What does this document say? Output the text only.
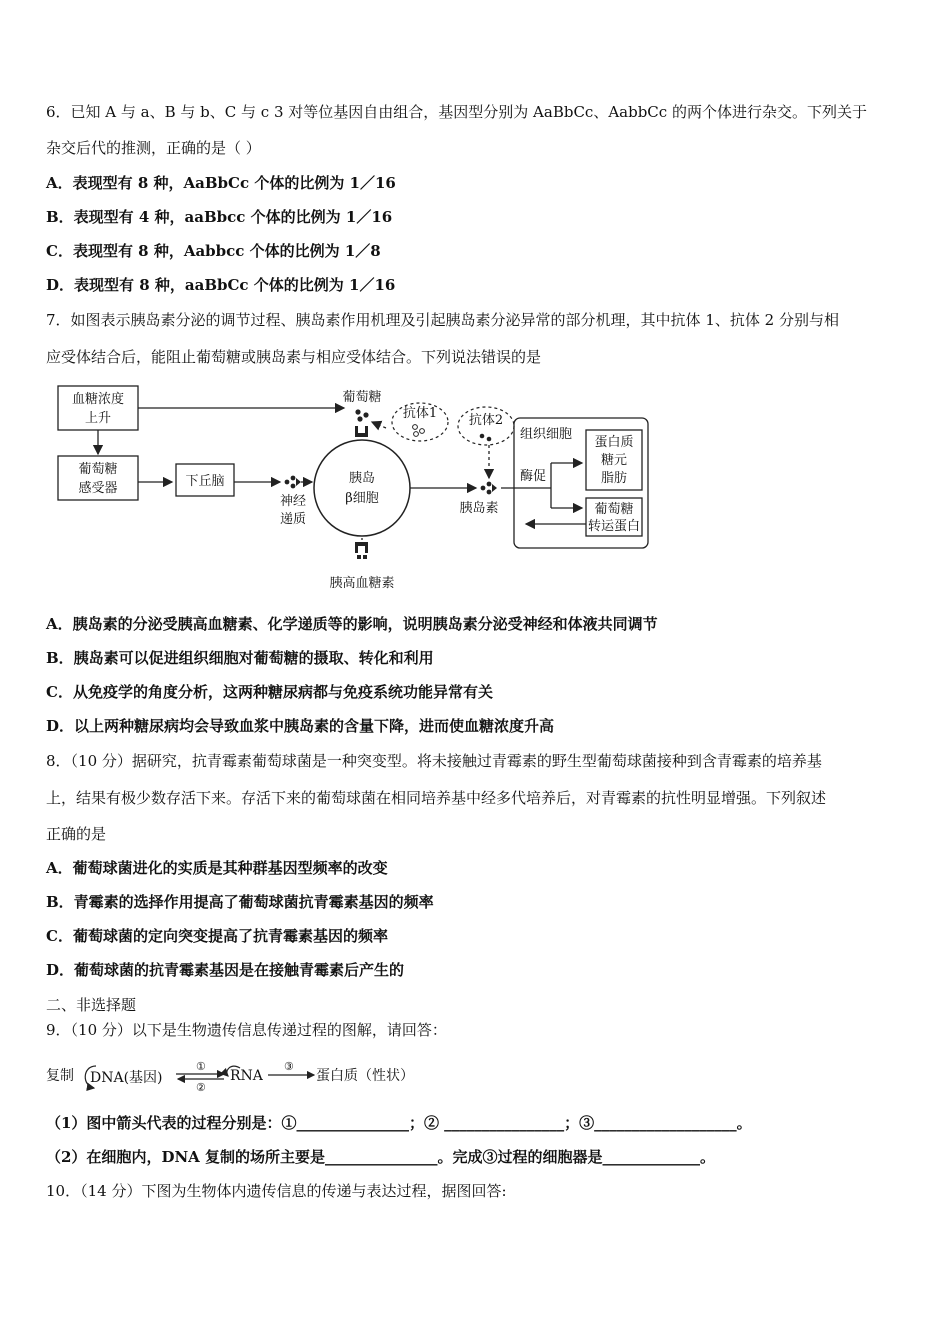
6．已知 A 与 a、B 与 b、C 与 c 3 对等位基因自由组合，基因型分别为 AaBbCc、AabbCc 的两个体进行杂交。下列关于
杂交后代的推测，正确的是（ ）
A．表现型有 8 种，AaBbCc 个体的比例为 1／16
B．表现型有 4 种，aaBbcc 个体的比例为 1／16
C．表现型有 8 种，Aabbcc 个体的比例为 1／8
D．表现型有 8 种，aaBbCc 个体的比例为 1／16
7．如图表示胰岛素分泌的调节过程、胰岛素作用机理及引起胰岛素分泌异常的部分机理，其中抗体 1、抗体 2 分别与相
应受体结合后，能阻止葡萄糖或胰岛素与相应受体结合。下列说法错误的是
血糖浓度
上升
葡萄糖
感受器	下丘脑
神经
递质
胰岛
β细胞
葡萄糖
抗体1
胰高血糖素
抗体2
胰岛素
组织细胞
酶促
蛋白质
糖元
脂肪
葡萄糖
转运蛋白
A．胰岛素的分泌受胰高血糖素、化学递质等的影响，说明胰岛素分泌受神经和体液共同调节
B．胰岛素可以促进组织细胞对葡萄糖的摄取、转化和利用
C．从免疫学的角度分析，这两种糖尿病都与免疫系统功能异常有关
D．以上两种糖尿病均会导致血浆中胰岛素的含量下降，进而使血糖浓度升高
8．（10 分）据研究，抗青霉素葡萄球菌是一种突变型。将未接触过青霉素的野生型葡萄球菌接种到含青霉素的培养基
上，结果有极少数存活下来。存活下来的葡萄球菌在相同培养基中经多代培养后，对青霉素的抗性明显增强。下列叙述
正确的是
A．葡萄球菌进化的实质是其种群基因型频率的改变
B．青霉素的选择作用提高了葡萄球菌抗青霉素基因的频率
C．葡萄球菌的定向突变提高了抗青霉素基因的频率
D．葡萄球菌的抗青霉素基因是在接触青霉素后产生的
二、非选择题
9．（10 分）以下是生物遗传信息传递过程的图解，请回答：
复制 DNA(基因)
①
②
RNA
③
蛋白质（性状）
（1）图中箭头代表的过程分别是：①_______________；② ________________；③___________________。
（2）在细胞内，DNA 复制的场所主要是_______________。完成③过程的细胞器是_____________。
10．（14 分）下图为生物体内遗传信息的传递与表达过程，据图回答:
